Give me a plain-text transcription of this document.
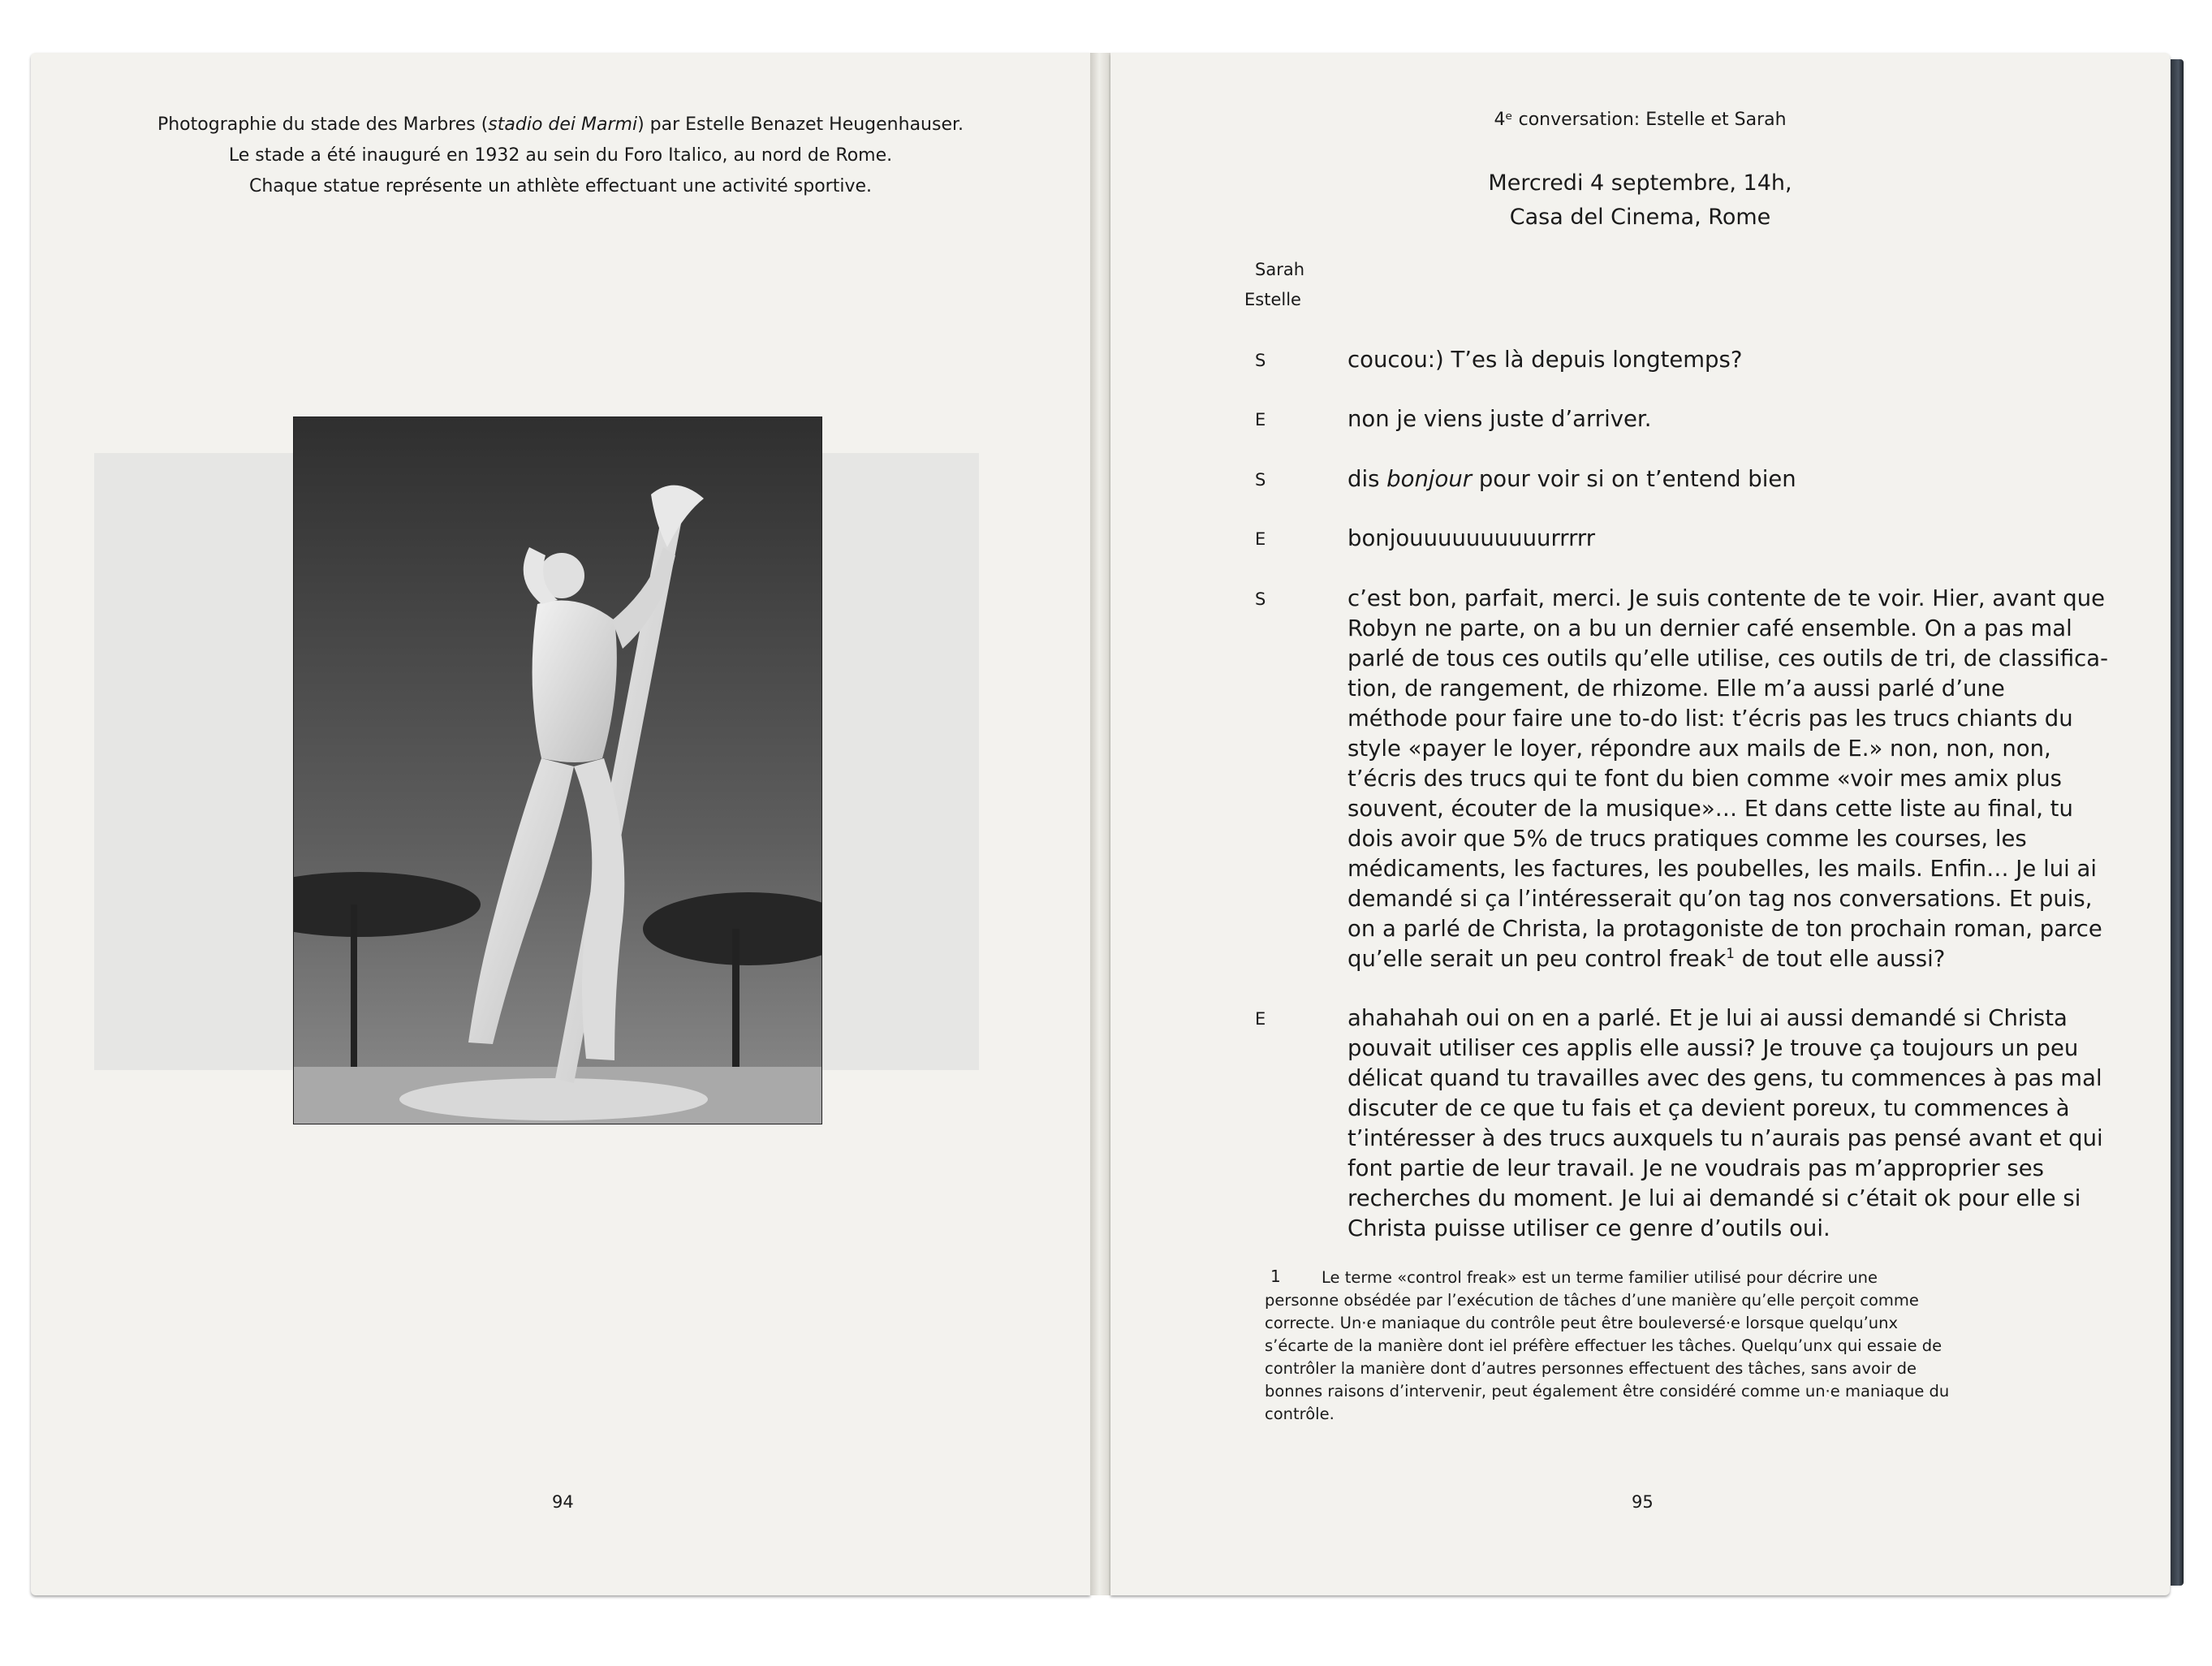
Photographie du stade des Marbres (stadio dei Marmi) par Estelle Benazet Heugenhauser.
Le stade a été inauguré en 1932 au sein du Foro Italico, au nord de Rome.
Chaque statue représente un athlète effectuant une activité sportive.
94
4ᵉ conversation: Estelle et Sarah
Mercredi 4 septembre, 14h,
Casa del Cinema, Rome
Sarah
Estelle
S	coucou:) T’es là depuis longtemps?
E	non je viens juste d’arriver.
S	dis bonjour pour voir si on t’entend bien
E	bonjouuuuuuuuuurrrrr
S	c’est bon, parfait, merci. Je suis contente de te voir. Hier, avant que Robyn ne parte, on a bu un dernier café ensemble. On a pas mal parlé de tous ces outils qu’elle utilise, ces outils de tri, de classification, de rangement, de rhizome. Elle m’a aussi parlé d’une méthode pour faire une to-do list: t’écris pas les trucs chiants du style «payer le loyer, répondre aux mails de E.» non, non, non, t’écris des trucs qui te font du bien comme «voir mes amix plus souvent, écouter de la musique»… Et dans cette liste au final, tu dois avoir que 5% de trucs pratiques comme les courses, les médicaments, les factures, les poubelles, les mails. Enfin… Je lui ai demandé si ça l’intéresserait qu’on tag nos conversations. Et puis, on a parlé de Christa, la protagoniste de ton prochain roman, parce qu’elle serait un peu control freak$^1$ de tout elle aussi?
E	ahahahah oui on en a parlé. Et je lui ai aussi demandé si Christa pouvait utiliser ces applis elle aussi? Je trouve ça toujours un peu délicat quand tu travailles avec des gens, tu commences à pas mal discuter de ce que tu fais et ça devient poreux, tu commences à t’intéresser à des trucs auxquels tu n’aurais pas pensé avant et qui font partie de leur travail. Je ne voudrais pas m’approprier ses recherches du moment. Je lui ai demandé si c’était ok pour elle si Christa puisse utiliser ce genre d’outils oui.
1	Le terme «control freak» est un terme familier utilisé pour décrire une personne obsédée par l’exécution de tâches d’une manière qu’elle perçoit comme correcte. Un·e maniaque du contrôle peut être bouleversé·e lorsque quelqu’unx s’écarte de la manière dont iel préfère effectuer les tâches. Quelqu’unx qui essaie de contrôler la manière dont d’autres personnes effectuent des tâches, sans avoir de bonnes raisons d’intervenir, peut également être considéré comme un·e maniaque du contrôle.
95
